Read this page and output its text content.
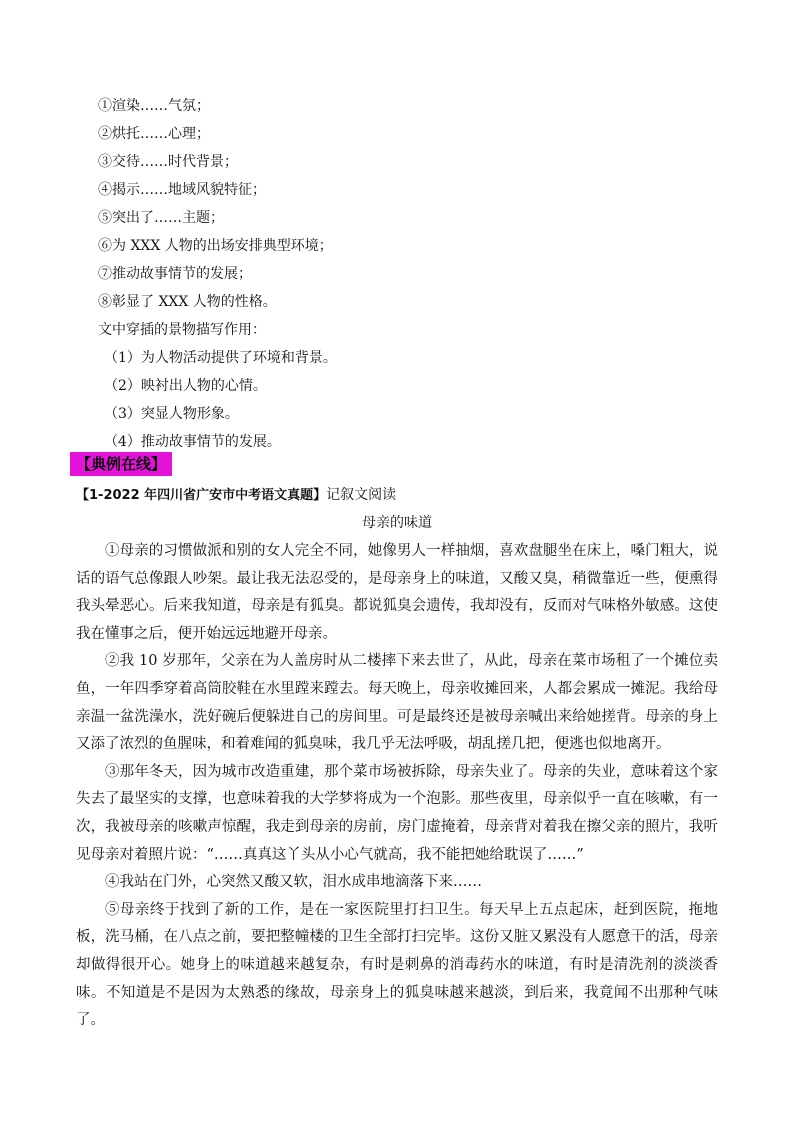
①渲染……气氛；
②烘托……心理；
③交待……时代背景；
④揭示……地域风貌特征；
⑤突出了……主题；
⑥为 XXX 人物的出场安排典型环境；
⑦推动故事情节的发展；
⑧彰显了 XXX 人物的性格。
文中穿插的景物描写作用：
（1）为人物活动提供了环境和背景。
（2）映衬出人物的心情。
（3）突显人物形象。
（4）推动故事情节的发展。
【典例在线】
【1-2022 年四川省广安市中考语文真题】记叙文阅读
母亲的味道

①母亲的习惯做派和别的女人完全不同，她像男人一样抽烟，喜欢盘腿坐在床上，嗓门粗大，说话的语气总像跟人吵架。最让我无法忍受的，是母亲身上的味道，又酸又臭，稍微靠近一些，便熏得我头晕恶心。后来我知道，母亲是有狐臭。都说狐臭会遗传，我却没有，反而对气味格外敏感。这使我在懂事之后，便开始远远地避开母亲。

②我 10 岁那年，父亲在为人盖房时从二楼摔下来去世了，从此，母亲在菜市场租了一个摊位卖鱼，一年四季穿着高筒胶鞋在水里蹚来蹚去。每天晚上，母亲收摊回来，人都会累成一摊泥。我给母亲温一盆洗澡水，洗好碗后便躲进自己的房间里。可是最终还是被母亲喊出来给她搓背。母亲的身上又添了浓烈的鱼腥味，和着难闻的狐臭味，我几乎无法呼吸，胡乱搓几把，便逃也似地离开。

③那年冬天，因为城市改造重建，那个菜市场被拆除，母亲失业了。母亲的失业，意味着这个家失去了最坚实的支撑，也意味着我的大学梦将成为一个泡影。那些夜里，母亲似乎一直在咳嗽，有一次，我被母亲的咳嗽声惊醒，我走到母亲的房前，房门虚掩着，母亲背对着我在擦父亲的照片，我听见母亲对着照片说：“……真真这丫头从小心气就高，我不能把她给耽误了……”

④我站在门外，心突然又酸又软，泪水成串地滴落下来……

⑤母亲终于找到了新的工作，是在一家医院里打扫卫生。每天早上五点起床，赶到医院，拖地板，洗马桶，在八点之前，要把整幢楼的卫生全部打扫完毕。这份又脏又累没有人愿意干的活，母亲却做得很开心。她身上的味道越来越复杂，有时是刺鼻的消毒药水的味道，有时是清洗剂的淡淡香味。不知道是不是因为太熟悉的缘故，母亲身上的狐臭味越来越淡，到后来，我竟闻不出那种气味了。
